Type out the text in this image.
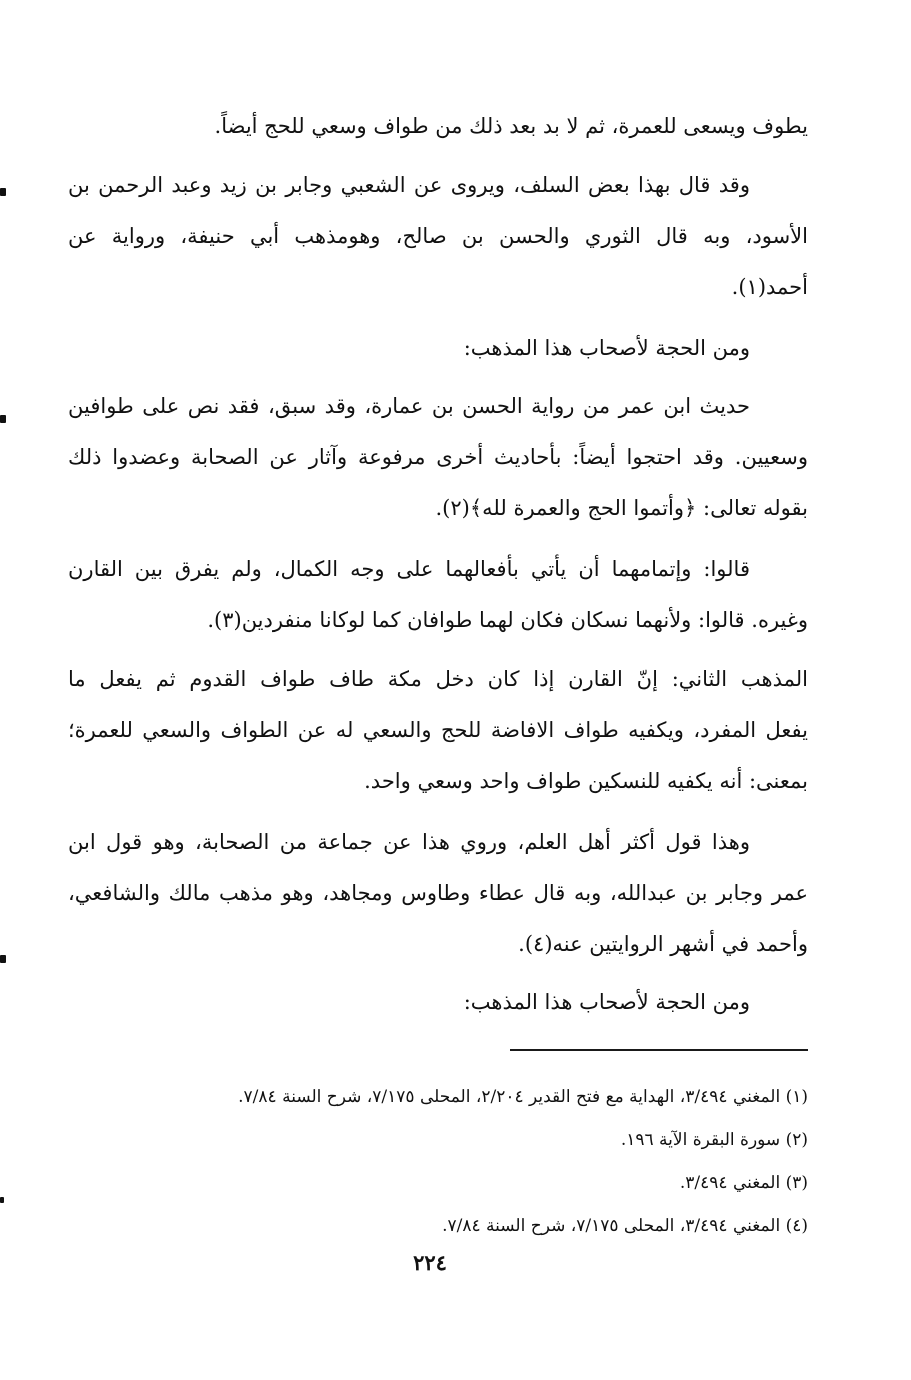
يطوف ويسعى للعمرة، ثم لا بد بعد ذلك من طواف وسعي للحج أيضاً.
وقد قال بهذا بعض السلف، ويروى عن الشعبي وجابر بن زيد وعبد الرحمن بن
الأسود، وبه قال الثوري والحسن بن صالح، وهومذهب أبي حنيفة، ورواية عن
أحمد(١).
ومن الحجة لأصحاب هذا المذهب:
حديث ابن عمر من رواية الحسن بن عمارة، وقد سبق، فقد نص على طوافين
وسعيين. وقد احتجوا أيضاً: بأحاديث أخرى مرفوعة وآثار عن الصحابة وعضدوا ذلك
بقوله تعالى: ﴿وأتموا الحج والعمرة لله﴾(٢).
قالوا: وإتمامهما أن يأتي بأفعالهما على وجه الكمال، ولم يفرق بين القارن
وغيره. قالوا: ولأنهما نسكان فكان لهما طوافان كما لوكانا منفردين(٣).
المذهب الثاني: إنّ القارن إذا كان دخل مكة طاف طواف القدوم ثم يفعل ما
يفعل المفرد، ويكفيه طواف الافاضة للحج والسعي له عن الطواف والسعي للعمرة؛
بمعنى: أنه يكفيه للنسكين طواف واحد وسعي واحد.
وهذا قول أكثر أهل العلم، وروي هذا عن جماعة من الصحابة، وهو قول ابن
عمر وجابر بن عبدالله، وبه قال عطاء وطاوس ومجاهد، وهو مذهب مالك والشافعي،
وأحمد في أشهر الروايتين عنه(٤).
ومن الحجة لأصحاب هذا المذهب:
(١) المغني ٣/٤٩٤، الهداية مع فتح القدير ٢/٢٠٤، المحلى ٧/١٧٥، شرح السنة ٧/٨٤.
(٢) سورة البقرة الآية ١٩٦.
(٣) المغني ٣/٤٩٤.
(٤) المغني ٣/٤٩٤، المحلى ٧/١٧٥، شرح السنة ٧/٨٤.
٢٢٤
